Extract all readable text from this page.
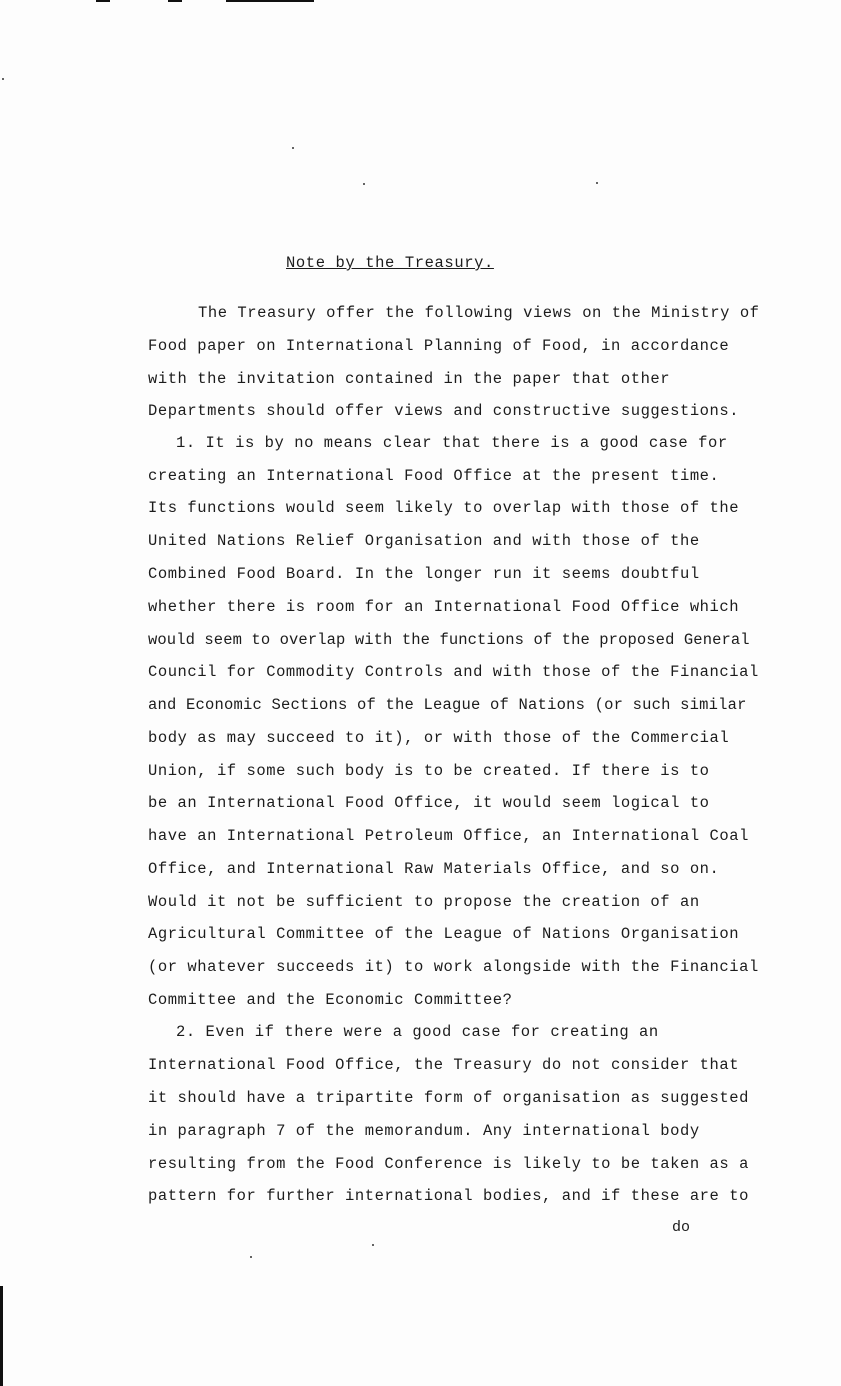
Note by the Treasury.
The Treasury offer the following views on the Ministry of
Food paper on International Planning of Food, in accordance
with the invitation contained in the paper that other
Departments should offer views and constructive suggestions.
1. It is by no means clear that there is a good case for
creating an International Food Office at the present time.
Its functions would seem likely to overlap with those of the
United Nations Relief Organisation and with those of the
Combined Food Board. In the longer run it seems doubtful
whether there is room for an International Food Office which
would seem to overlap with the functions of the proposed General
Council for Commodity Controls and with those of the Financial
and Economic Sections of the League of Nations (or such similar
body as may succeed to it), or with those of the Commercial
Union, if some such body is to be created. If there is to
be an International Food Office, it would seem logical to
have an International Petroleum Office, an International Coal
Office, and International Raw Materials Office, and so on.
Would it not be sufficient to propose the creation of an
Agricultural Committee of the League of Nations Organisation
(or whatever succeeds it) to work alongside with the Financial
Committee and the Economic Committee?
2. Even if there were a good case for creating an
International Food Office, the Treasury do not consider that
it should have a tripartite form of organisation as suggested
in paragraph 7 of the memorandum. Any international body
resulting from the Food Conference is likely to be taken as a
pattern for further international bodies, and if these are to
do
